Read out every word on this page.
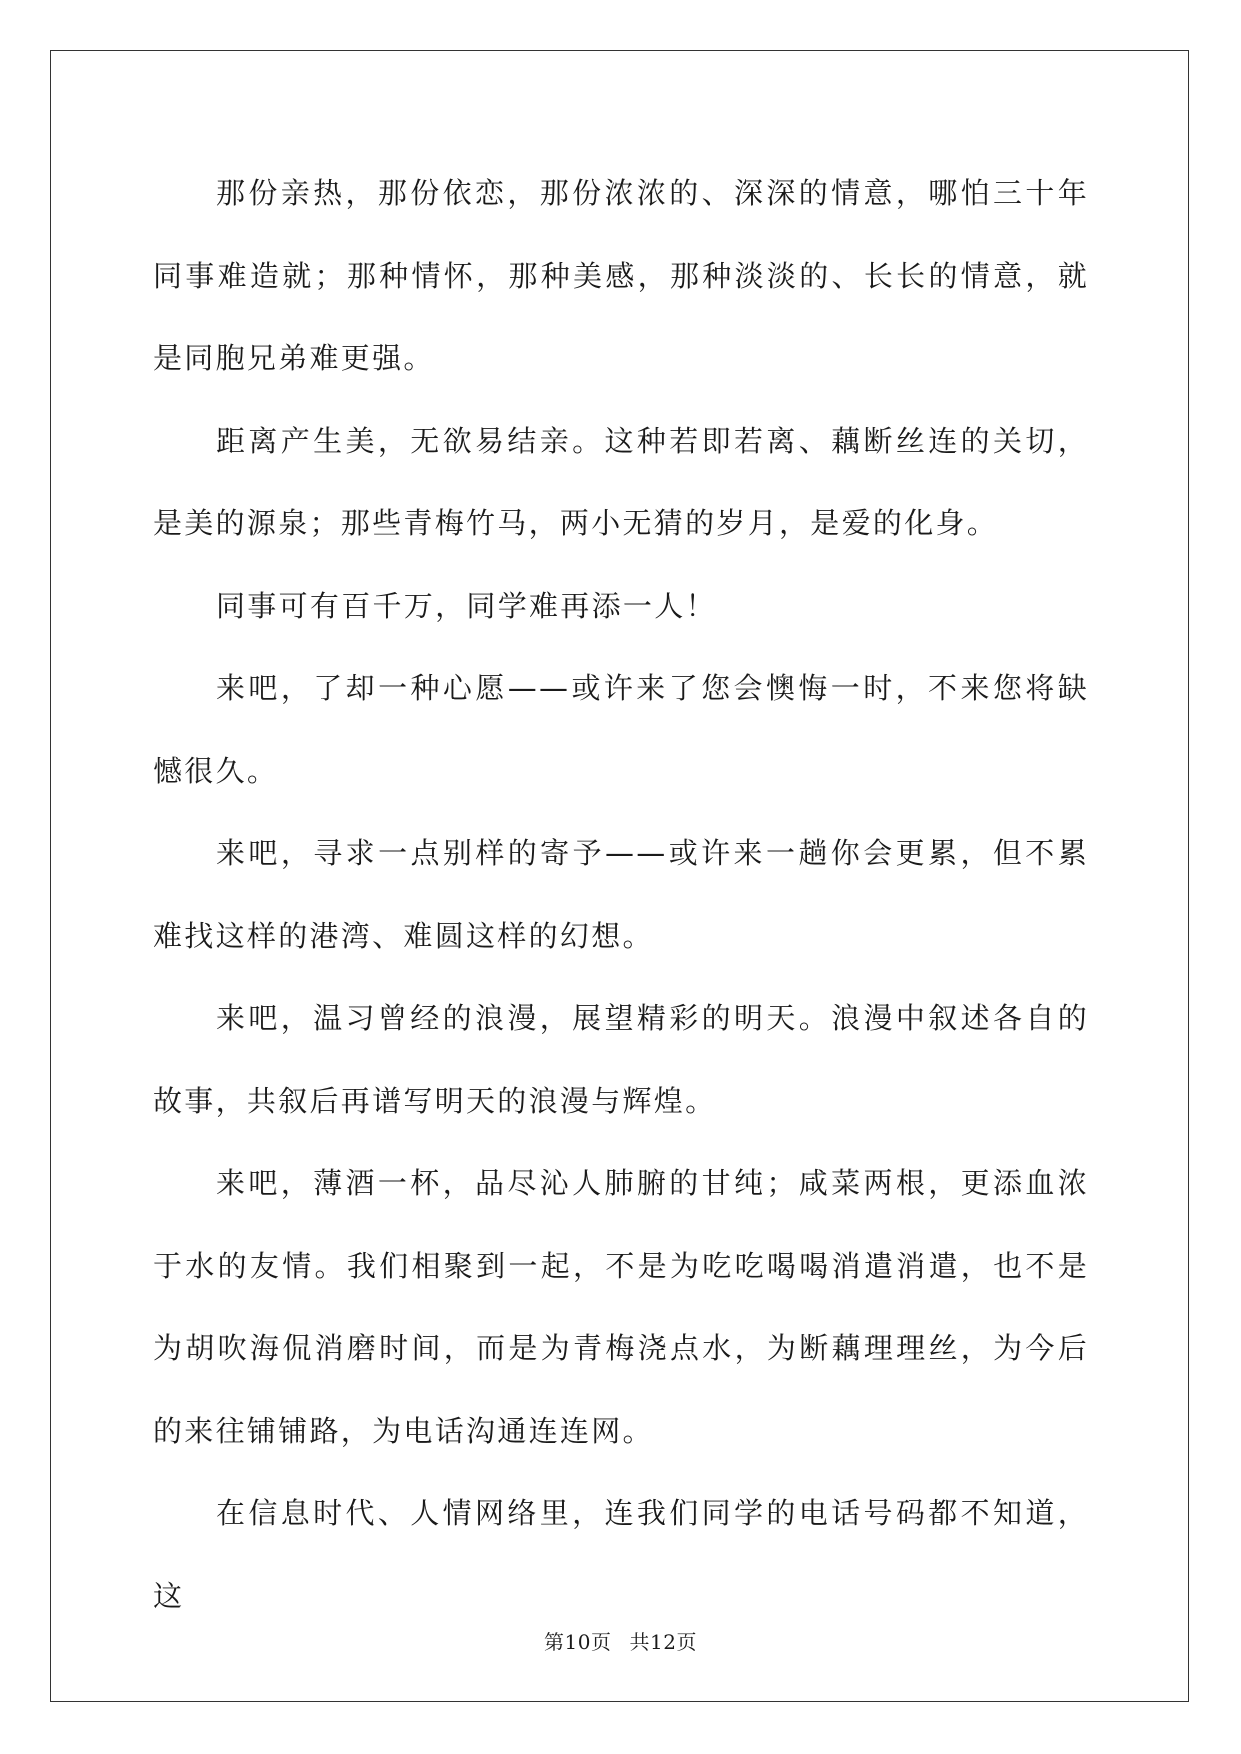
那份亲热，那份依恋，那份浓浓的、深深的情意，哪怕三十年同事难造就；那种情怀，那种美感，那种淡淡的、长长的情意，就是同胞兄弟难更强。

距离产生美，无欲易结亲。这种若即若离、藕断丝连的关切，是美的源泉；那些青梅竹马，两小无猜的岁月，是爱的化身。

同事可有百千万，同学难再添一人！

来吧，了却一种心愿——或许来了您会懊悔一时，不来您将缺憾很久。

来吧，寻求一点别样的寄予——或许来一趟你会更累，但不累难找这样的港湾、难圆这样的幻想。

来吧，温习曾经的浪漫，展望精彩的明天。浪漫中叙述各自的故事，共叙后再谱写明天的浪漫与辉煌。

来吧，薄酒一杯，品尽沁人肺腑的甘纯；咸菜两根，更添血浓于水的友情。我们相聚到一起，不是为吃吃喝喝消遣消遣，也不是为胡吹海侃消磨时间，而是为青梅浇点水，为断藕理理丝，为今后的来往铺铺路，为电话沟通连连网。

在信息时代、人情网络里，连我们同学的电话号码都不知道，这

第10页 共12页
